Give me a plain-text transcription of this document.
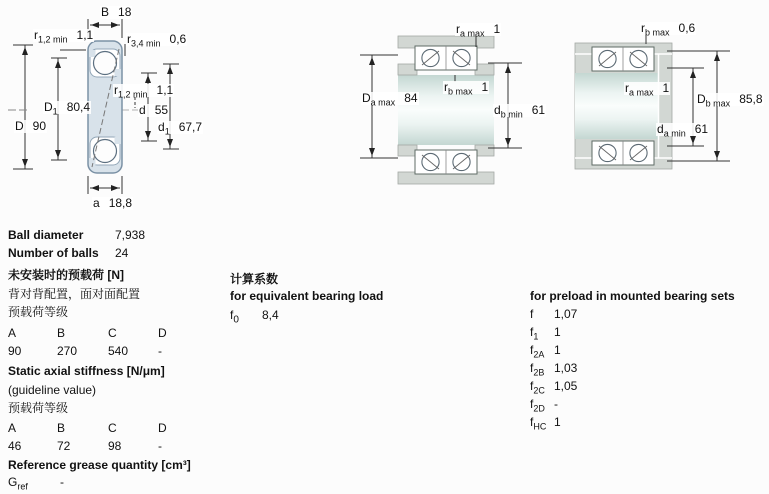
B 18
$r_{1,2 min}$ 1,1	$r_{3,4 min}$ 0,6
$D_1$ 80,4
D 90
$r_{1,2 min}$ 1,1
d 55
$d_1$ 67,7
a 18,8
$r_{a max}$ 1
$r_{b max}$ 1
$D_{a max}$ 84
$d_{b min}$ 61
$r_{b max}$ 0,6
$r_{a max}$ 1
$D_{b max}$ 85,8
$d_{a min}$ 61
Ball diameter	7,938
Number of balls 24
未安装时的预载荷 [N]
背对背配置，面对面配置
预载荷等级
A	B	C	D
90	270	540	-
Static axial stiffness [N/μm]
(guideline value)
预载荷等级
A	B	C	D
46	72	98	-
Reference grease quantity [cm³]
$G_{ref}$	-
计算系数
for equivalent bearing load
$f_0$ 8,4
for preload in mounted bearing sets
f 1,07
$f_1$ 1
$f_{2A}$ 1
$f_{2B}$ 1,03
$f_{2C}$ 1,05
$f_{2D}$ -
$f_{HC}$ 1
